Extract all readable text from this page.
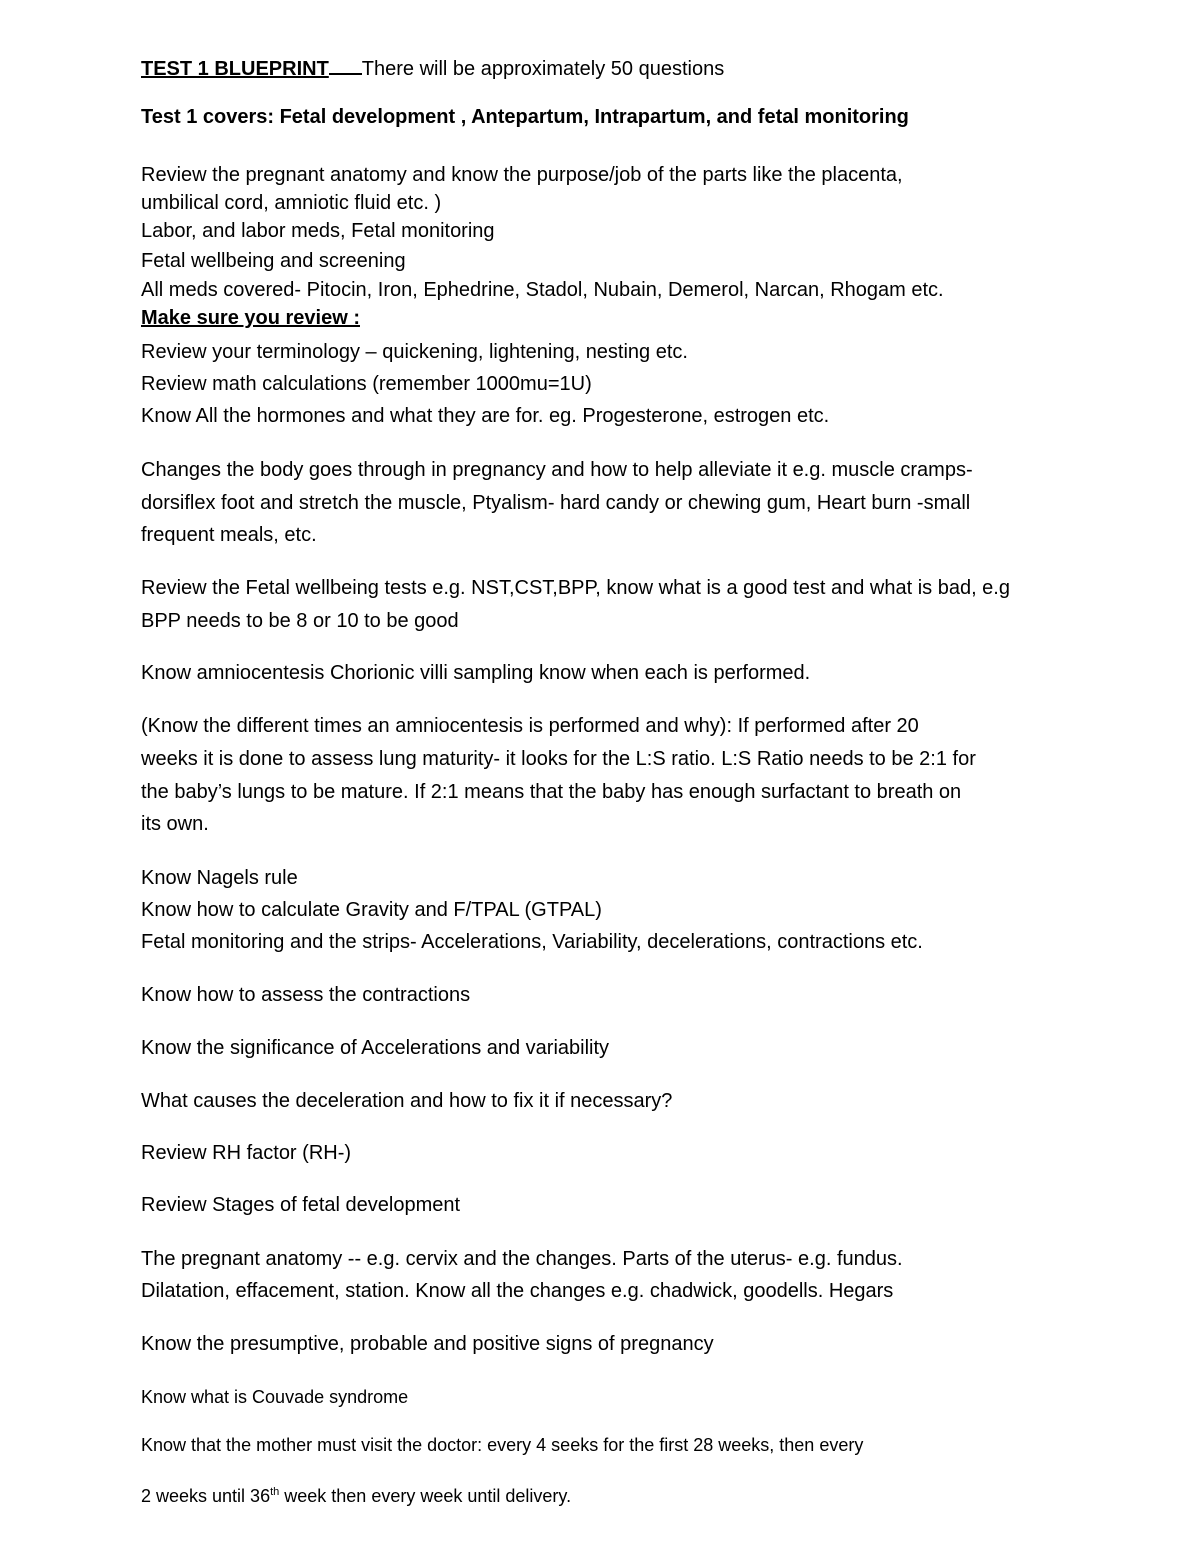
TEST 1 BLUEPRINT There will be approximately 50 questions
Test 1 covers: Fetal development , Antepartum, Intrapartum, and fetal monitoring
Review the pregnant anatomy and know the purpose/job of the parts like the placenta,
umbilical cord, amniotic fluid etc. )
Labor, and labor meds, Fetal monitoring
Fetal wellbeing and screening
All meds covered- Pitocin, Iron, Ephedrine, Stadol, Nubain, Demerol, Narcan, Rhogam etc.
Make sure you review :
Review your terminology – quickening, lightening, nesting etc.
Review math calculations (remember 1000mu=1U)
Know All the hormones and what they are for. eg. Progesterone, estrogen etc.
Changes the body goes through in pregnancy and how to help alleviate it e.g. muscle cramps-
dorsiflex foot and stretch the muscle, Ptyalism- hard candy or chewing gum, Heart burn -small
frequent meals, etc.
Review the Fetal wellbeing tests e.g. NST,CST,BPP, know what is a good test and what is bad, e.g
BPP needs to be 8 or 10 to be good
Know amniocentesis Chorionic villi sampling know when each is performed.
(Know the different times an amniocentesis is performed and why): If performed after 20
weeks it is done to assess lung maturity- it looks for the L:S ratio. L:S Ratio needs to be 2:1 for
the baby’s lungs to be mature. If 2:1 means that the baby has enough surfactant to breath on
its own.
Know Nagels rule
Know how to calculate Gravity and F/TPAL (GTPAL)
Fetal monitoring and the strips- Accelerations, Variability, decelerations, contractions etc.
Know how to assess the contractions
Know the significance of Accelerations and variability
What causes the deceleration and how to fix it if necessary?
Review RH factor (RH-)
Review Stages of fetal development
The pregnant anatomy -- e.g. cervix and the changes. Parts of the uterus- e.g. fundus.
Dilatation, effacement, station. Know all the changes e.g. chadwick, goodells. Hegars
Know the presumptive, probable and positive signs of pregnancy
Know what is Couvade syndrome
Know that the mother must visit the doctor: every 4 seeks for the first 28 weeks, then every
2 weeks until 36th week then every week until delivery.
